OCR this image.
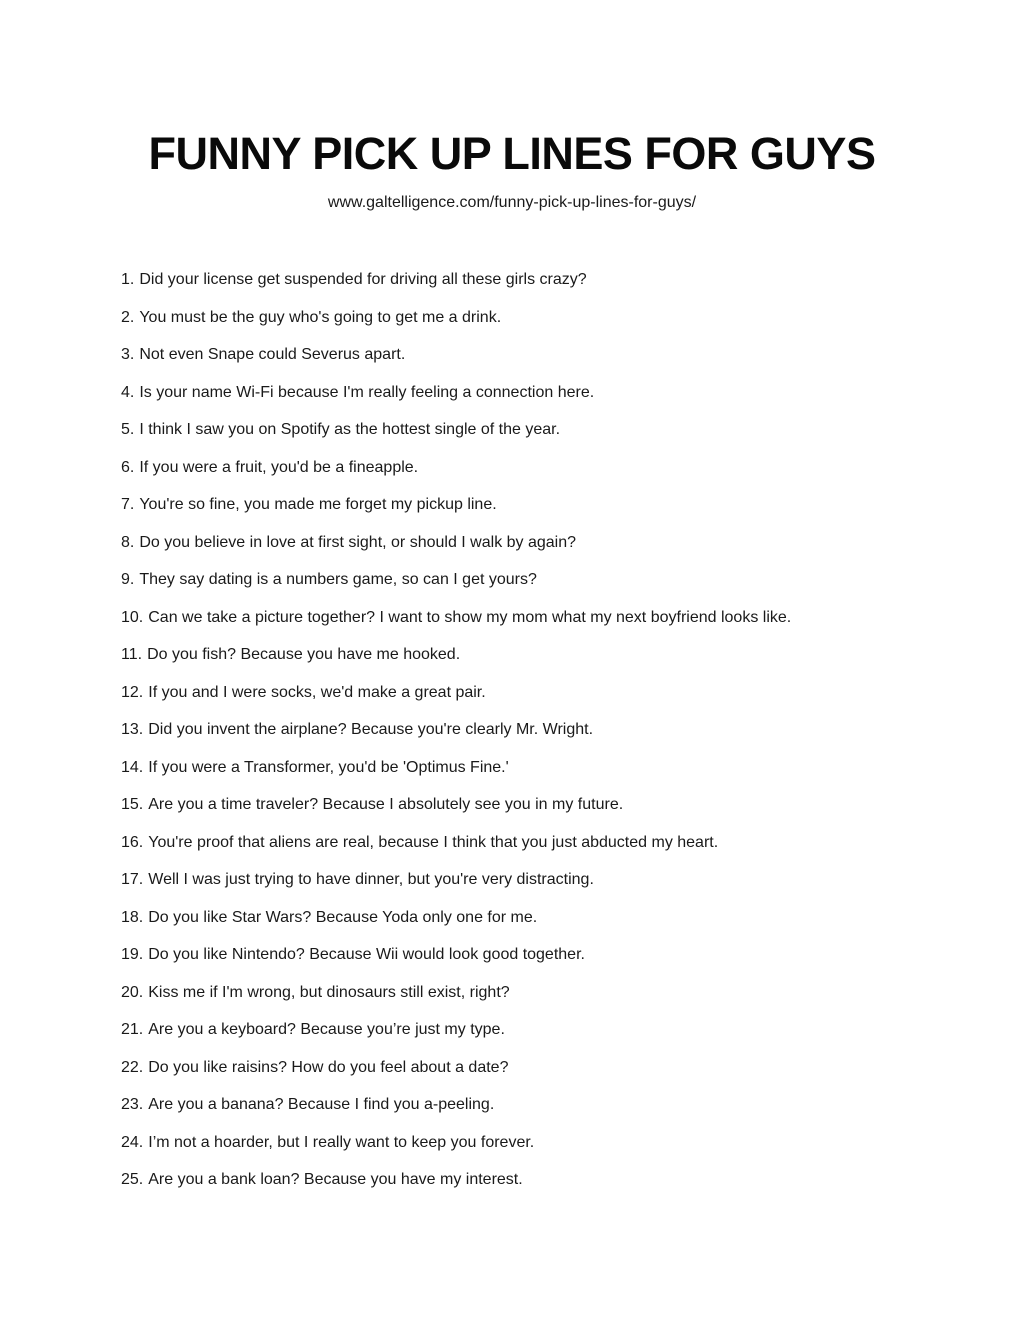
FUNNY PICK UP LINES FOR GUYS
www.galtelligence.com/funny-pick-up-lines-for-guys/
1. Did your license get suspended for driving all these girls crazy?
2. You must be the guy who's going to get me a drink.
3. Not even Snape could Severus apart.
4. Is your name Wi-Fi because I'm really feeling a connection here.
5. I think I saw you on Spotify as the hottest single of the year.
6. If you were a fruit, you'd be a fineapple.
7. You're so fine, you made me forget my pickup line.
8. Do you believe in love at first sight, or should I walk by again?
9. They say dating is a numbers game, so can I get yours?
10. Can we take a picture together? I want to show my mom what my next boyfriend looks like.
11. Do you fish? Because you have me hooked.
12. If you and I were socks, we'd make a great pair.
13. Did you invent the airplane? Because you're clearly Mr. Wright.
14. If you were a Transformer, you'd be 'Optimus Fine.'
15. Are you a time traveler? Because I absolutely see you in my future.
16. You're proof that aliens are real, because I think that you just abducted my heart.
17. Well I was just trying to have dinner, but you're very distracting.
18. Do you like Star Wars? Because Yoda only one for me.
19. Do you like Nintendo? Because Wii would look good together.
20. Kiss me if I'm wrong, but dinosaurs still exist, right?
21. Are you a keyboard? Because you’re just my type.
22. Do you like raisins? How do you feel about a date?
23. Are you a banana? Because I find you a-peeling.
24. I’m not a hoarder, but I really want to keep you forever.
25. Are you a bank loan? Because you have my interest.
